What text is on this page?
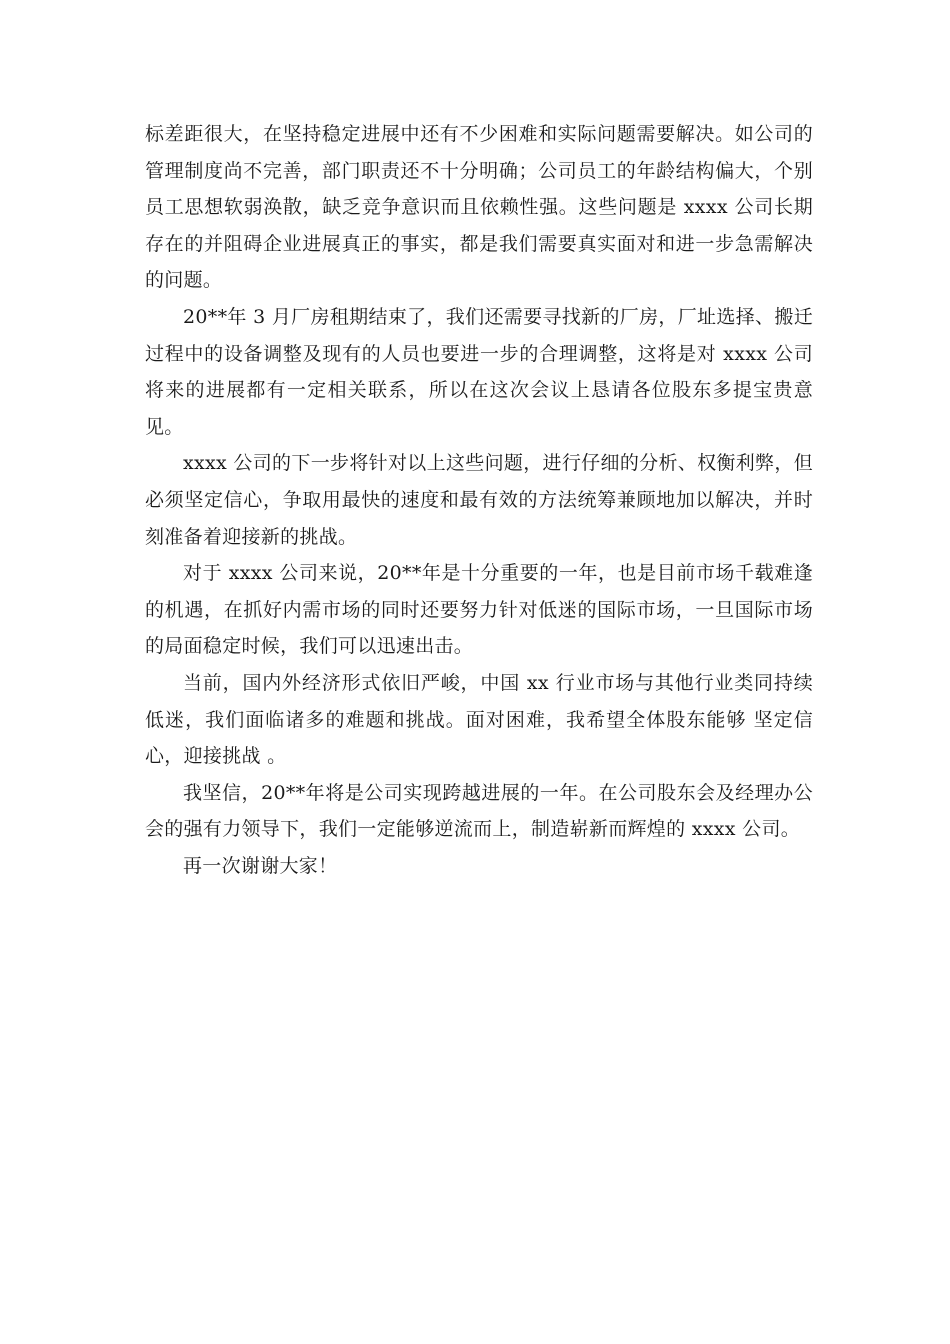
标差距很大，在坚持稳定进展中还有不少困难和实际问题需要解决。如公司的管理制度尚不完善，部门职责还不十分明确；公司员工的年龄结构偏大，个别员工思想软弱涣散，缺乏竞争意识而且依赖性强。这些问题是 xxxx 公司长期存在的并阻碍企业进展真正的事实，都是我们需要真实面对和进一步急需解决的问题。

20**年 3 月厂房租期结束了，我们还需要寻找新的厂房，厂址选择、搬迁过程中的设备调整及现有的人员也要进一步的合理调整，这将是对 xxxx 公司将来的进展都有一定相关联系，所以在这次会议上恳请各位股东多提宝贵意见。

xxxx 公司的下一步将针对以上这些问题，进行仔细的分析、权衡利弊，但必须坚定信心，争取用最快的速度和最有效的方法统筹兼顾地加以解决，并时刻准备着迎接新的挑战。

对于 xxxx 公司来说，20**年是十分重要的一年，也是目前市场千载难逢的机遇，在抓好内需市场的同时还要努力针对低迷的国际市场，一旦国际市场的局面稳定时候，我们可以迅速出击。

当前，国内外经济形式依旧严峻，中国 xx 行业市场与其他行业类同持续低迷，我们面临诸多的难题和挑战。面对困难，我希望全体股东能够 坚定信心，迎接挑战 。

我坚信，20**年将是公司实现跨越进展的一年。在公司股东会及经理办公会的强有力领导下，我们一定能够逆流而上，制造崭新而辉煌的 xxxx 公司。

再一次谢谢大家！
